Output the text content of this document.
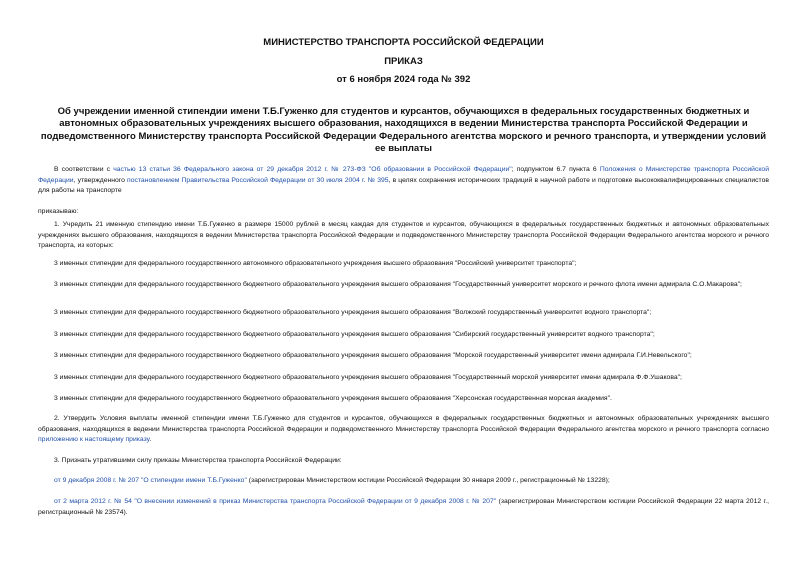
МИНИСТЕРСТВО ТРАНСПОРТА РОССИЙСКОЙ ФЕДЕРАЦИИ
ПРИКАЗ
от 6 ноября 2024 года № 392
Об учреждении именной стипендии имени Т.Б.Гуженко для студентов и курсантов, обучающихся в федеральных государственных бюджетных и автономных образовательных учреждениях высшего образования, находящихся в ведении Министерства транспорта Российской Федерации и подведомственного Министерству транспорта Российской Федерации Федерального агентства морского и речного транспорта, и утверждении условий ее выплаты

В соответствии с частью 13 статьи 36 Федерального закона от 29 декабря 2012 г. № 273-ФЗ "Об образовании в Российской Федерации"; подпунктом 6.7 пункта 6 Положения о Министерстве транспорта Российской Федерации, утвержденного постановлением Правительства Российской Федерации от 30 июля 2004 г. № 395, в целях сохранения исторических традиций в научной работе и подготовке высококвалифицированных специалистов для работы на транспорте

приказываю:

1. Учредить 21 именную стипендию имени Т.Б.Гуженко в размере 15000 рублей в месяц каждая для студентов и курсантов, обучающихся в федеральных государственных бюджетных и автономных образовательных учреждениях высшего образования, находящихся в ведении Министерства транспорта Российской Федерации и подведомственного Министерству транспорта Российской Федерации Федерального агентства морского и речного транспорта, из которых:

3 именных стипендии для федерального государственного автономного образовательного учреждения высшего образования "Российский университет транспорта";

3 именных стипендии для федерального государственного бюджетного образовательного учреждения высшего образования "Государственный университет морского и речного флота имени адмирала С.О.Макарова";

3 именных стипендии для федерального государственного бюджетного образовательного учреждения высшего образования "Волжский государственный университет водного транспорта";

3 именных стипендии для федерального государственного бюджетного образовательного учреждения высшего образования "Сибирский государственный университет водного транспорта";

3 именных стипендии для федерального государственного бюджетного образовательного учреждения высшего образования "Морской государственный университет имени адмирала Г.И.Невельского";

3 именных стипендии для федерального государственного бюджетного образовательного учреждения высшего образования "Государственный морской университет имени адмирала Ф.Ф.Ушакова";

3 именных стипендии для федерального государственного бюджетного образовательного учреждения высшего образования "Херсонская государственная морская академия".

2. Утвердить Условия выплаты именной стипендии имени Т.Б.Гуженко для студентов и курсантов, обучающихся в федеральных государственных бюджетных и автономных образовательных учреждениях высшего образования, находящихся в ведении Министерства транспорта Российской Федерации и подведомственного Министерству транспорта Российской Федерации Федерального агентства морского и речного транспорта согласно приложению к настоящему приказу.

3. Признать утратившими силу приказы Министерства транспорта Российской Федерации:

от 9 декабря 2008 г. № 207 "О стипендии имени Т.Б.Гуженко" (зарегистрирован Министерством юстиции Российской Федерации 30 января 2009 г., регистрационный № 13228);

от 2 марта 2012 г. № 54 "О внесении изменений в приказ Министерства транспорта Российской Федерации от 9 декабря 2008 г. № 207" (зарегистрирован Министерством юстиции Российской Федерации 22 марта 2012 г., регистрационный № 23574).
